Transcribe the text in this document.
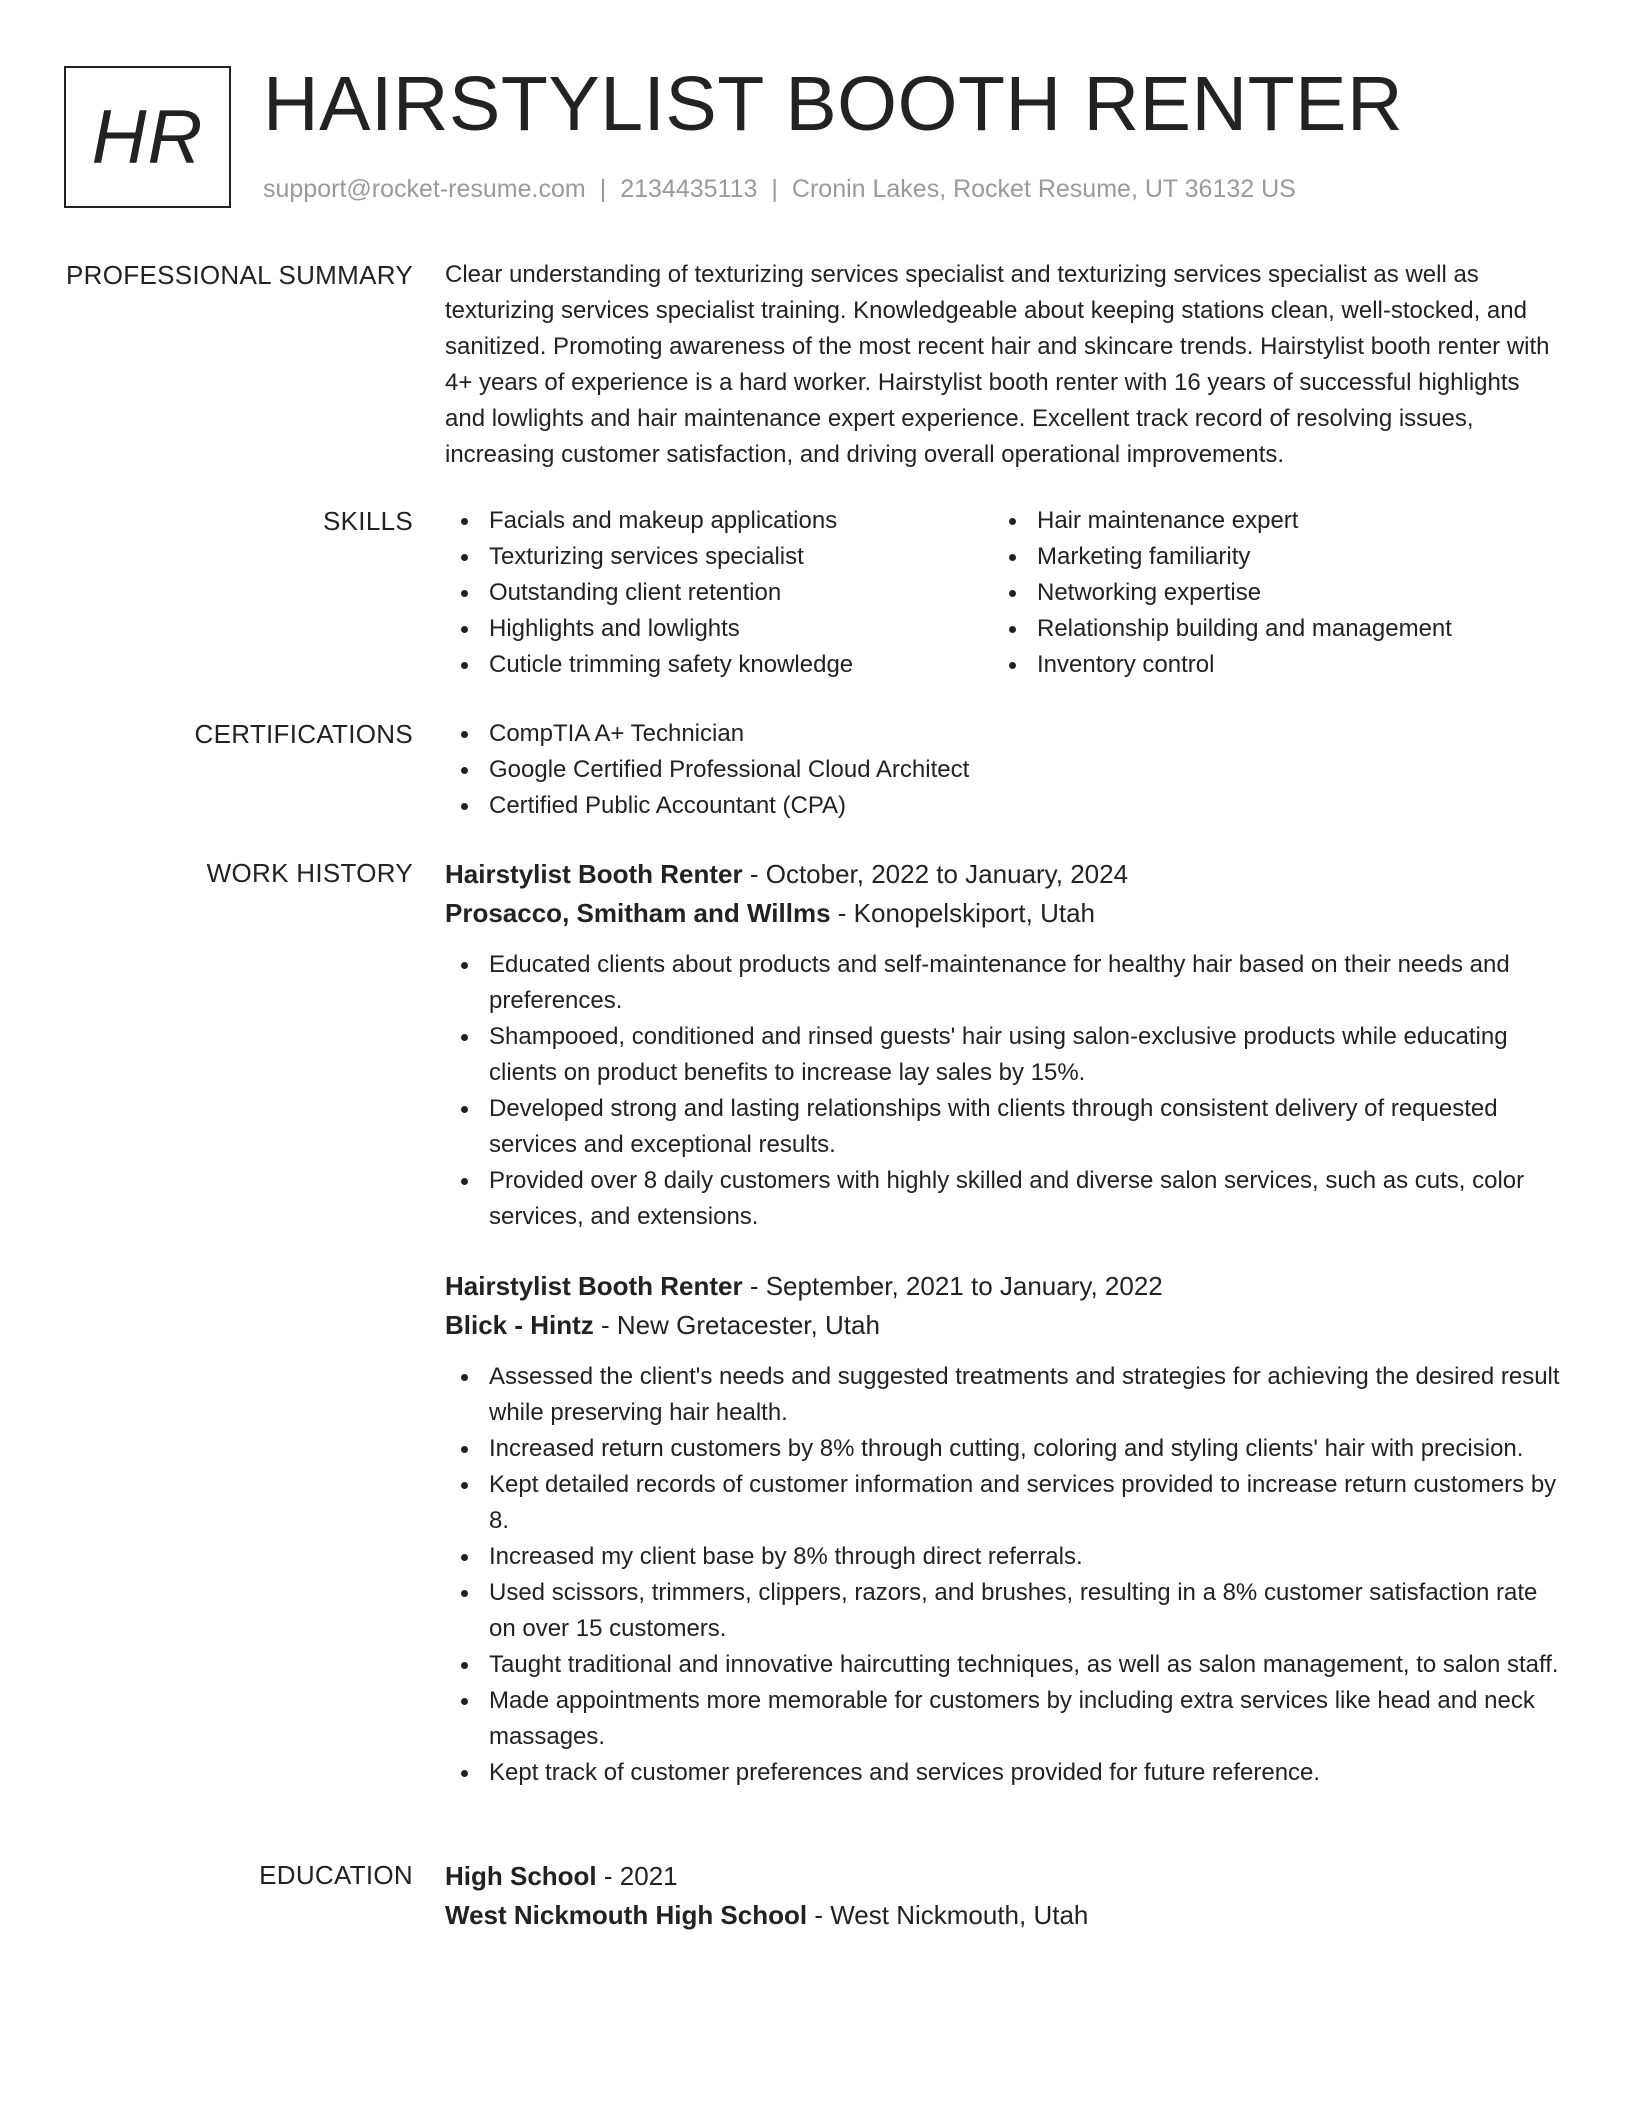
HR HAIRSTYLIST BOOTH RENTER
support@rocket-resume.com | 2134435113 | Cronin Lakes, Rocket Resume, UT 36132 US
PROFESSIONAL SUMMARY Clear understanding of texturizing services specialist and texturizing services specialist as well as texturizing services specialist training. Knowledgeable about keeping stations clean, well-stocked, and sanitized. Promoting awareness of the most recent hair and skincare trends. Hairstylist booth renter with 4+ years of experience is a hard worker. Hairstylist booth renter with 16 years of successful highlights and lowlights and hair maintenance expert experience. Excellent track record of resolving issues, increasing customer satisfaction, and driving overall operational improvements.
SKILLS	Facials and makeup applications
Texturizing services specialist
Outstanding client retention
Highlights and lowlights
Cuticle trimming safety knowledge
Hair maintenance expert
Marketing familiarity
Networking expertise
Relationship building and management
Inventory control
CERTIFICATIONS	CompTIA A+ Technician
Google Certified Professional Cloud Architect
Certified Public Accountant (CPA)
WORK HISTORY Hairstylist Booth Renter - October, 2022 to January, 2024
Prosacco, Smitham and Willms - Konopelskiport, Utah
Educated clients about products and self-maintenance for healthy hair based on their needs and preferences.
Shampooed, conditioned and rinsed guests' hair using salon-exclusive products while educating clients on product benefits to increase lay sales by 15%.
Developed strong and lasting relationships with clients through consistent delivery of requested services and exceptional results.
Provided over 8 daily customers with highly skilled and diverse salon services, such as cuts, color services, and extensions.
Hairstylist Booth Renter - September, 2021 to January, 2022
Blick - Hintz - New Gretacester, Utah
Assessed the client's needs and suggested treatments and strategies for achieving the desired result while preserving hair health.
Increased return customers by 8% through cutting, coloring and styling clients' hair with precision.
Kept detailed records of customer information and services provided to increase return customers by 8.
Increased my client base by 8% through direct referrals.
Used scissors, trimmers, clippers, razors, and brushes, resulting in a 8% customer satisfaction rate on over 15 customers.
Taught traditional and innovative haircutting techniques, as well as salon management, to salon staff.
Made appointments more memorable for customers by including extra services like head and neck massages.
Kept track of customer preferences and services provided for future reference.
EDUCATION High School - 2021
West Nickmouth High School - West Nickmouth, Utah
